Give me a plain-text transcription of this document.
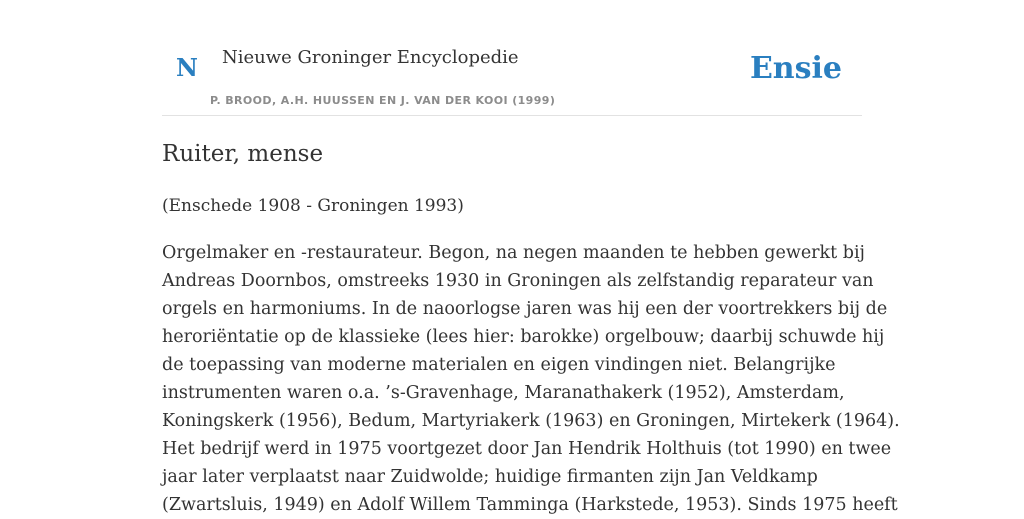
N Nieuwe Groninger Encyclopedie
P. BROOD, A.H. HUUSSEN EN J. VAN DER KOOI (1999)
Ensie
Ruiter, mense

(Enschede 1908 - Groningen 1993)

Orgelmaker en -restaurateur. Begon, na negen maanden te hebben gewerkt bij
Andreas Doornbos, omstreeks 1930 in Groningen als zelfstandig reparateur van
orgels en harmoniums. In de naoorlogse jaren was hij een der voortrekkers bij de
heroriëntatie op de klassieke (lees hier: barokke) orgelbouw; daarbij schuwde hij
de toepassing van moderne materialen en eigen vindingen niet. Belangrijke
instrumenten waren o.a. ’s-Gravenhage, Maranathakerk (1952), Amsterdam,
Koningskerk (1956), Bedum, Martyriakerk (1963) en Groningen, Mirtekerk (1964).
Het bedrijf werd in 1975 voortgezet door Jan Hendrik Holthuis (tot 1990) en twee
jaar later verplaatst naar Zuidwolde; huidige firmanten zijn Jan Veldkamp
(Zwartsluis, 1949) en Adolf Willem Tamminga (Harkstede, 1953). Sinds 1975 heeft
